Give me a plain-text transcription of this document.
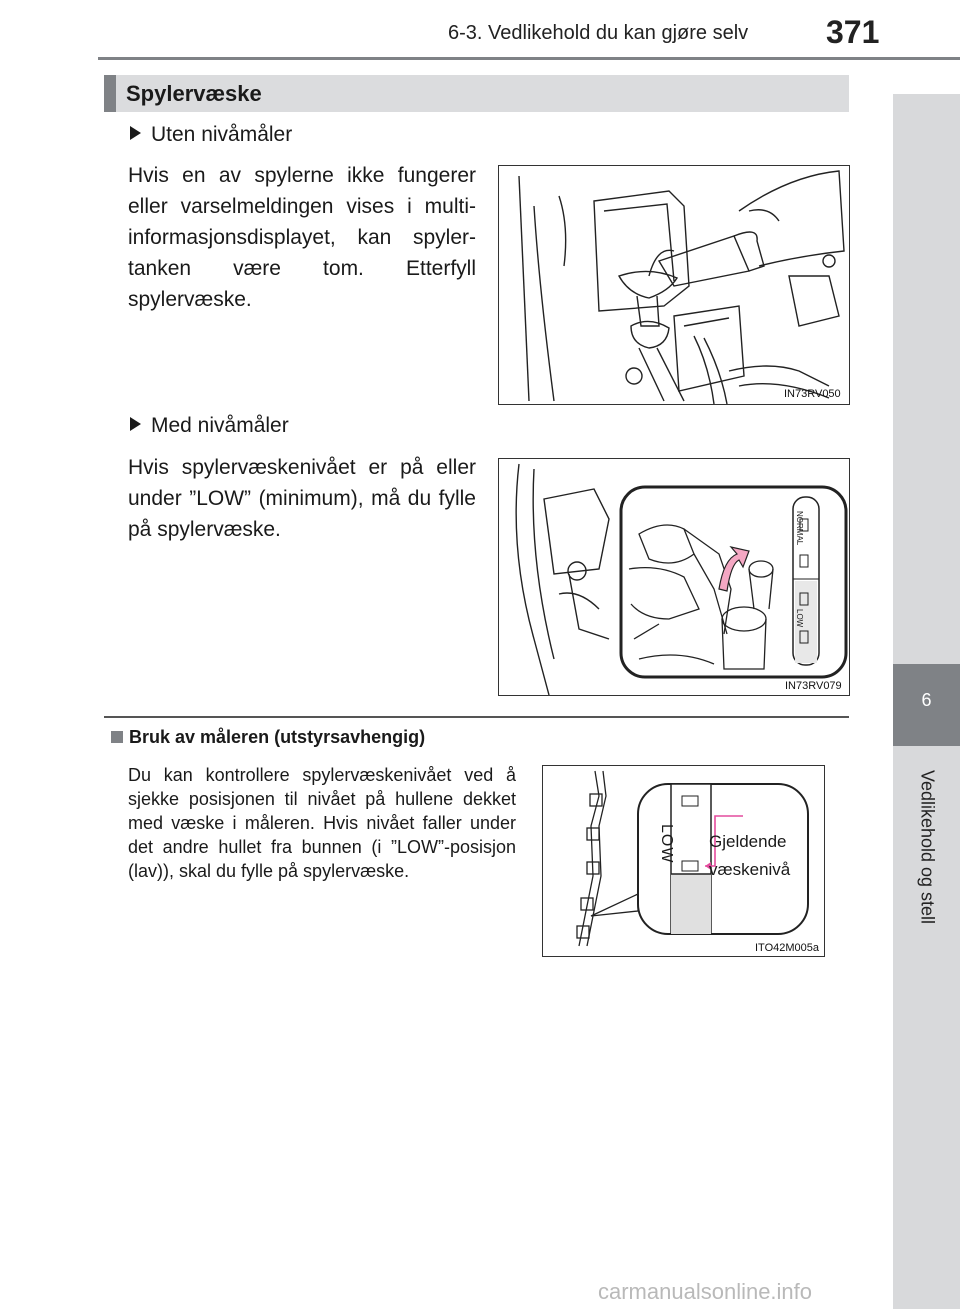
6-3. Vedlikehold du kan gjøre selv 371
6
Vedlikehold og stell
Spylervæske
Uten nivåmåler
Hvis en av spylerne ikke fungerer eller varselmeldingen vises i multi-informasjonsdisplayet, kan spyler-tanken være tom. Etterfyll spylervæske.
IN73RV050
Med nivåmåler
Hvis spylervæskenivået er på eller under ”LOW” (minimum), må du fylle på spylervæske.	NORMAL
LOW
IN73RV079
Bruk av måleren (utstyrsavhengig)
Du kan kontrollere spylervæskenivået ved å sjekke posisjonen til nivået på hullene dekket med væske i måleren. Hvis nivået faller under det andre hullet fra bunnen (i ”LOW”-posisjon (lav)), skal du fylle på spylervæske.
LOW Gjeldende
væskenivå
ITO42M005a
carmanualsonline.info
